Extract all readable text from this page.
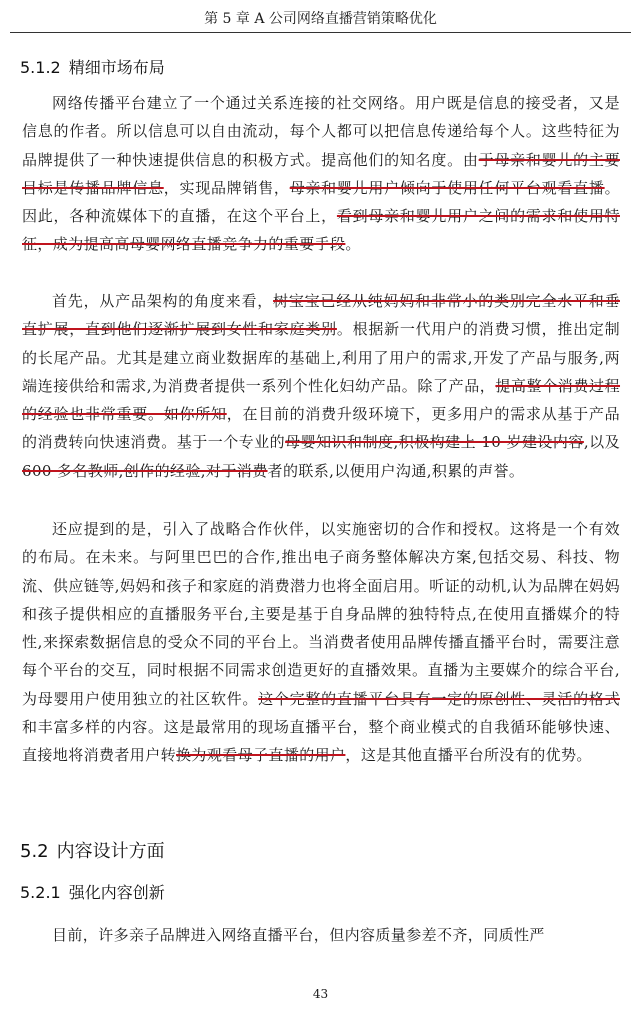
第 5 章 A 公司网络直播营销策略优化
5.1.2 精细市场布局
网络传播平台建立了一个通过关系连接的社交网络。用户既是信息的接受者，又是信息的作者。所以信息可以自由流动，每个人都可以把信息传递给每个人。这些特征为品牌提供了一种快速提供信息的积极方式。提高他们的知名度。由于母亲和婴儿的主要目标是传播品牌信息，实现品牌销售，母亲和婴儿用户倾向于使用任何平台观看直播。因此，各种流媒体下的直播，在这个平台上，看到母亲和婴儿用户之间的需求和使用特征，成为提高高母婴网络直播竞争力的重要手段。
首先，从产品架构的角度来看，树宝宝已经从纯妈妈和非常小的类别完全水平和垂直扩展，直到他们逐渐扩展到女性和家庭类别。根据新一代用户的消费习惯，推出定制的长尾产品。尤其是建立商业数据库的基础上,利用了用户的需求,开发了产品与服务,两端连接供给和需求,为消费者提供一系列个性化妇幼产品。除了产品，提高整个消费过程的经验也非常重要。如你所知，在目前的消费升级环境下，更多用户的需求从基于产品的消费转向快速消费。基于一个专业的母婴知识和制度,积极构建上 10 岁建设内容,以及 600 多名教师,创作的经验,对于消费者的联系,以便用户沟通,积累的声誉。
还应提到的是，引入了战略合作伙伴，以实施密切的合作和授权。这将是一个有效的布局。在未来。与阿里巴巴的合作,推出电子商务整体解决方案,包括交易、科技、物流、供应链等,妈妈和孩子和家庭的消费潜力也将全面启用。听证的动机,认为品牌在妈妈和孩子提供相应的直播服务平台,主要是基于自身品牌的独特特点,在使用直播媒介的特性,来探索数据信息的受众不同的平台上。当消费者使用品牌传播直播平台时，需要注意每个平台的交互，同时根据不同需求创造更好的直播效果。直播为主要媒介的综合平台,为母婴用户使用独立的社区软件。这个完整的直播平台具有一定的原创性、灵活的格式和丰富多样的内容。这是最常用的现场直播平台，整个商业模式的自我循环能够快速、直接地将消费者用户转换为观看母子直播的用户，这是其他直播平台所没有的优势。
5.2 内容设计方面
5.2.1 强化内容创新
目前，许多亲子品牌进入网络直播平台，但内容质量参差不齐，同质性严
43
